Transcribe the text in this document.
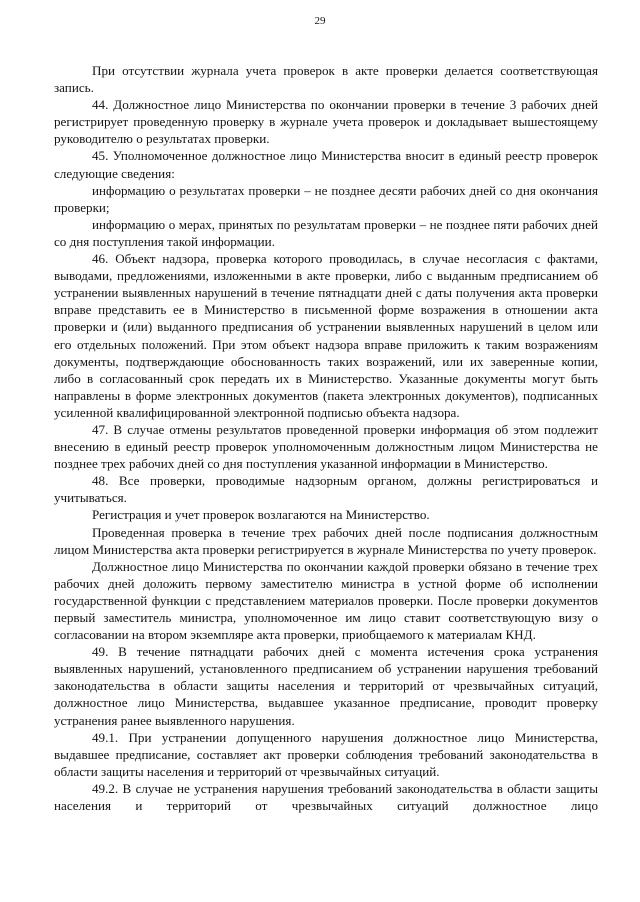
29

При отсутствии журнала учета проверок в акте проверки делается соответствующая запись.

44. Должностное лицо Министерства по окончании проверки в течение 3 рабочих дней регистрирует проведенную проверку в журнале учета проверок и докладывает вышестоящему руководителю о результатах проверки.

45. Уполномоченное должностное лицо Министерства вносит в единый реестр проверок следующие сведения:

информацию о результатах проверки – не позднее десяти рабочих дней со дня окончания проверки;

информацию о мерах, принятых по результатам проверки – не позднее пяти рабочих дней со дня поступления такой информации.

46. Объект надзора, проверка которого проводилась, в случае несогласия с фактами, выводами, предложениями, изложенными в акте проверки, либо с выданным предписанием об устранении выявленных нарушений в течение пятнадцати дней с даты получения акта проверки вправе представить ее в Министерство в письменной форме возражения в отношении акта проверки и (или) выданного предписания об устранении выявленных нарушений в целом или его отдельных положений. При этом объект надзора вправе приложить к таким возражениям документы, подтверждающие обоснованность таких возражений, или их заверенные копии, либо в согласованный срок передать их в Министерство. Указанные документы могут быть направлены в форме электронных документов (пакета электронных документов), подписанных усиленной квалифицированной электронной подписью объекта надзора.

47. В случае отмены результатов проведенной проверки информация об этом подлежит внесению в единый реестр проверок уполномоченным должностным лицом Министерства не позднее трех рабочих дней со дня поступления указанной информации в Министерство.

48. Все проверки, проводимые надзорным органом, должны регистрироваться и учитываться.

Регистрация и учет проверок возлагаются на Министерство.

Проведенная проверка в течение трех рабочих дней после подписания должностным лицом Министерства акта проверки регистрируется в журнале Министерства по учету проверок.

Должностное лицо Министерства по окончании каждой проверки обязано в течение трех рабочих дней доложить первому заместителю министра в устной форме об исполнении государственной функции с представлением материалов проверки. После проверки документов первый заместитель министра, уполномоченное им лицо ставит соответствующую визу о согласовании на втором экземпляре акта проверки, приобщаемого к материалам КНД.

49. В течение пятнадцати рабочих дней с момента истечения срока устранения выявленных нарушений, установленного предписанием об устранении нарушения требований законодательства в области защиты населения и территорий от чрезвычайных ситуаций, должностное лицо Министерства, выдавшее указанное предписание, проводит проверку устранения ранее выявленного нарушения.

49.1. При устранении допущенного нарушения должностное лицо Министерства, выдавшее предписание, составляет акт проверки соблюдения требований законодательства в области защиты населения и территорий от чрезвычайных ситуаций.

49.2. В случае не устранения нарушения требований законодательства в области защиты населения и территорий от чрезвычайных ситуаций должностное лицо
